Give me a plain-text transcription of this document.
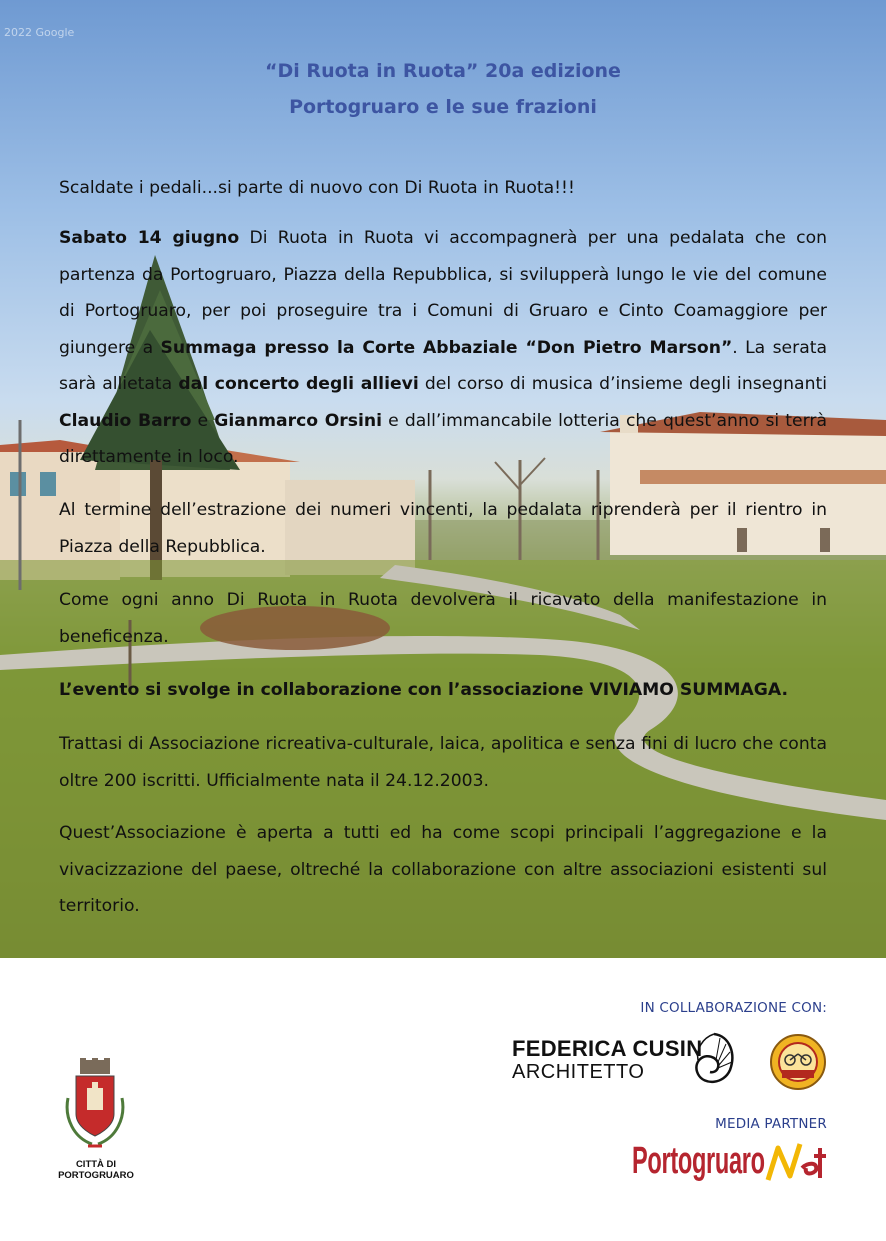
2022 Google
“Di Ruota in Ruota” 20a edizione
Portogruaro e le sue frazioni

Scaldate i pedali...si parte di nuovo con Di Ruota in Ruota!!!

Sabato 14 giugno Di Ruota in Ruota vi accompagnerà per una pedalata che con partenza da Portogruaro, Piazza della Repubblica, si svilupperà lungo le vie del comune di Portogruaro, per poi proseguire tra i Comuni di Gruaro e Cinto Coamaggiore per giungere a Summaga presso la Corte Abbaziale “Don Pietro Marson”. La serata sarà allietata dal concerto degli allievi del corso di musica d’insieme degli insegnanti Claudio Barro e Gianmarco Orsini e dall’immancabile lotteria che quest’anno si terrà direttamente in loco.

Al termine dell’estrazione dei numeri vincenti, la pedalata riprenderà per il rientro in Piazza della Repubblica.

Come ogni anno Di Ruota in Ruota devolverà il ricavato della manifestazione in beneficenza.

L’evento si svolge in collaborazione con l’associazione VIVIAMO SUMMAGA.

Trattasi di Associazione ricreativa-culturale, laica, apolitica e senza fini di lucro che conta oltre 200 iscritti. Ufficialmente nata il 24.12.2003.

Quest’Associazione è aperta a tutti ed ha come scopi principali l’aggregazione e la vivacizzazione del paese, oltreché la collaborazione con altre associazioni esistenti sul territorio.

IN COLLABORAZIONE CON:
FEDERICA CUSIN
ARCHITETTO
MEDIA PARTNER
Portogruaro
CITTÀ DI
PORTOGRUARO
